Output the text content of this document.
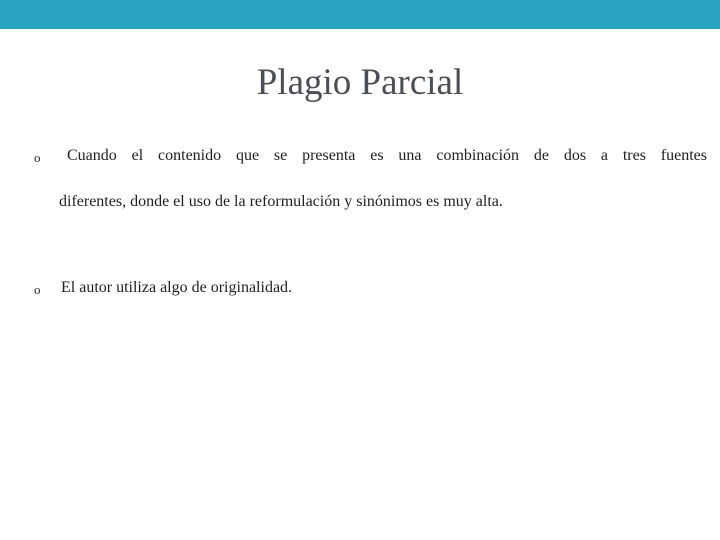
Plagio Parcial
o Cuando el contenido que se presenta es una combinación de dos a tres fuentes
diferentes, donde el uso de la reformulación y sinónimos es muy alta.
o El autor utiliza algo de originalidad.
